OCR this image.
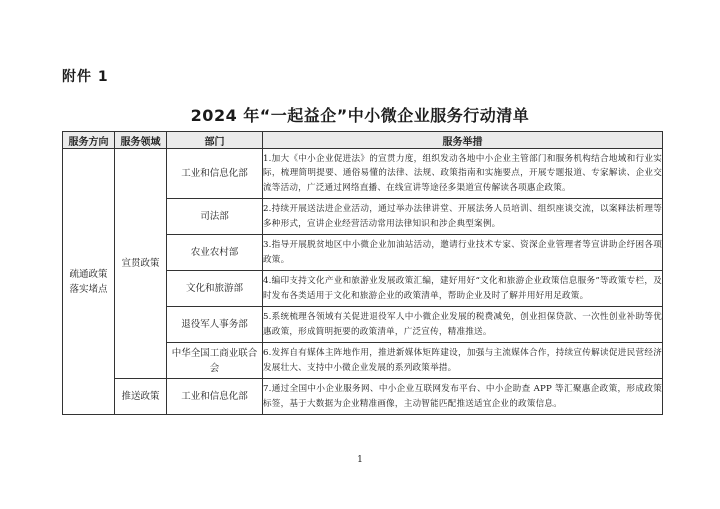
附件 1
2024 年“一起益企”中小微企业服务行动清单
服务方向	服务领域	部门	服务举措
疏通政策落实堵点	宣贯政策	工业和信息化部	1.加大《中小企业促进法》的宣贯力度，组织发动各地中小企业主管部门和服务机构结合地域和行业实际，梳理简明提要、通俗易懂的法律、法规、政策指南和实施要点，开展专题报道、专家解读、企业交流等活动，广泛通过网络直播、在线宣讲等途径多渠道宣传解读各项惠企政策。
		司法部	2.持续开展送法进企业活动，通过举办法律讲堂、开展法务人员培训、组织座谈交流，以案释法析理等多种形式，宣讲企业经营活动常用法律知识和涉企典型案例。
		农业农村部	3.指导开展脱贫地区中小微企业加油站活动，邀请行业技术专家、资深企业管理者等宣讲助企纾困各项政策。
		文化和旅游部	4.编印支持文化产业和旅游业发展政策汇编，建好用好“文化和旅游企业政策信息服务”等政策专栏，及时发布各类适用于文化和旅游企业的政策清单，帮助企业及时了解并用好用足政策。
		退役军人事务部	5.系统梳理各领域有关促进退役军人中小微企业发展的税费减免，创业担保贷款、一次性创业补助等优惠政策，形成简明扼要的政策清单，广泛宣传，精准推送。
		中华全国工商业联合会	6.发挥自有媒体主阵地作用，推进新媒体矩阵建设，加强与主流媒体合作，持续宣传解读促进民营经济发展壮大、支持中小微企业发展的系列政策举措。
	推送政策	工业和信息化部	7.通过全国中小企业服务网、中小企业互联网发布平台、中小企助查 APP 等汇聚惠企政策，形成政策标签，基于大数据为企业精准画像，主动智能匹配推送适宜企业的政策信息。
1
